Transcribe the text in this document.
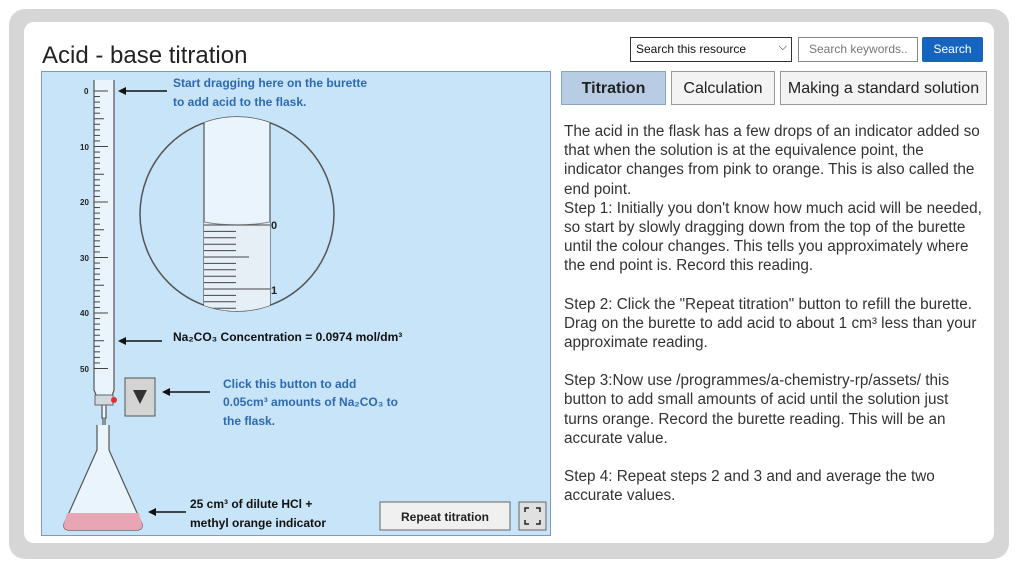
Acid - base titration	Search this resource	⌵	Search keywords..	Search
0
10
20
30
40
50
Start dragging here on the burette
to add acid to the flask.
0
1
Na₂CO₃ Concentration = 0.0974 mol/dm³
Click this button to add
0.05cm³ amounts of Na₂CO₃ to
the flask.
25 cm³ of dilute HCl +
methyl orange indicator	Repeat titration
Titration	Calculation	Making a standard solution

The acid in the flask has a few drops of an indicator added so that when the solution is at the equivalence point, the indicator changes from pink to orange. This is also called the end point.

Step 1: Initially you don't know how much acid will be needed, so start by slowly dragging down from the top of the burette until the colour changes. This tells you approximately where the end point is. Record this reading.

Step 2: Click the "Repeat titration" button to refill the burette. Drag on the burette to add acid to about 1 cm³ less than your approximate reading.

Step 3:Now use /programmes/a-chemistry-rp/assets/ this button to add small amounts of acid until the solution just turns orange. Record the burette reading. This will be an accurate value.

Step 4: Repeat steps 2 and 3 and and average the two accurate values.
